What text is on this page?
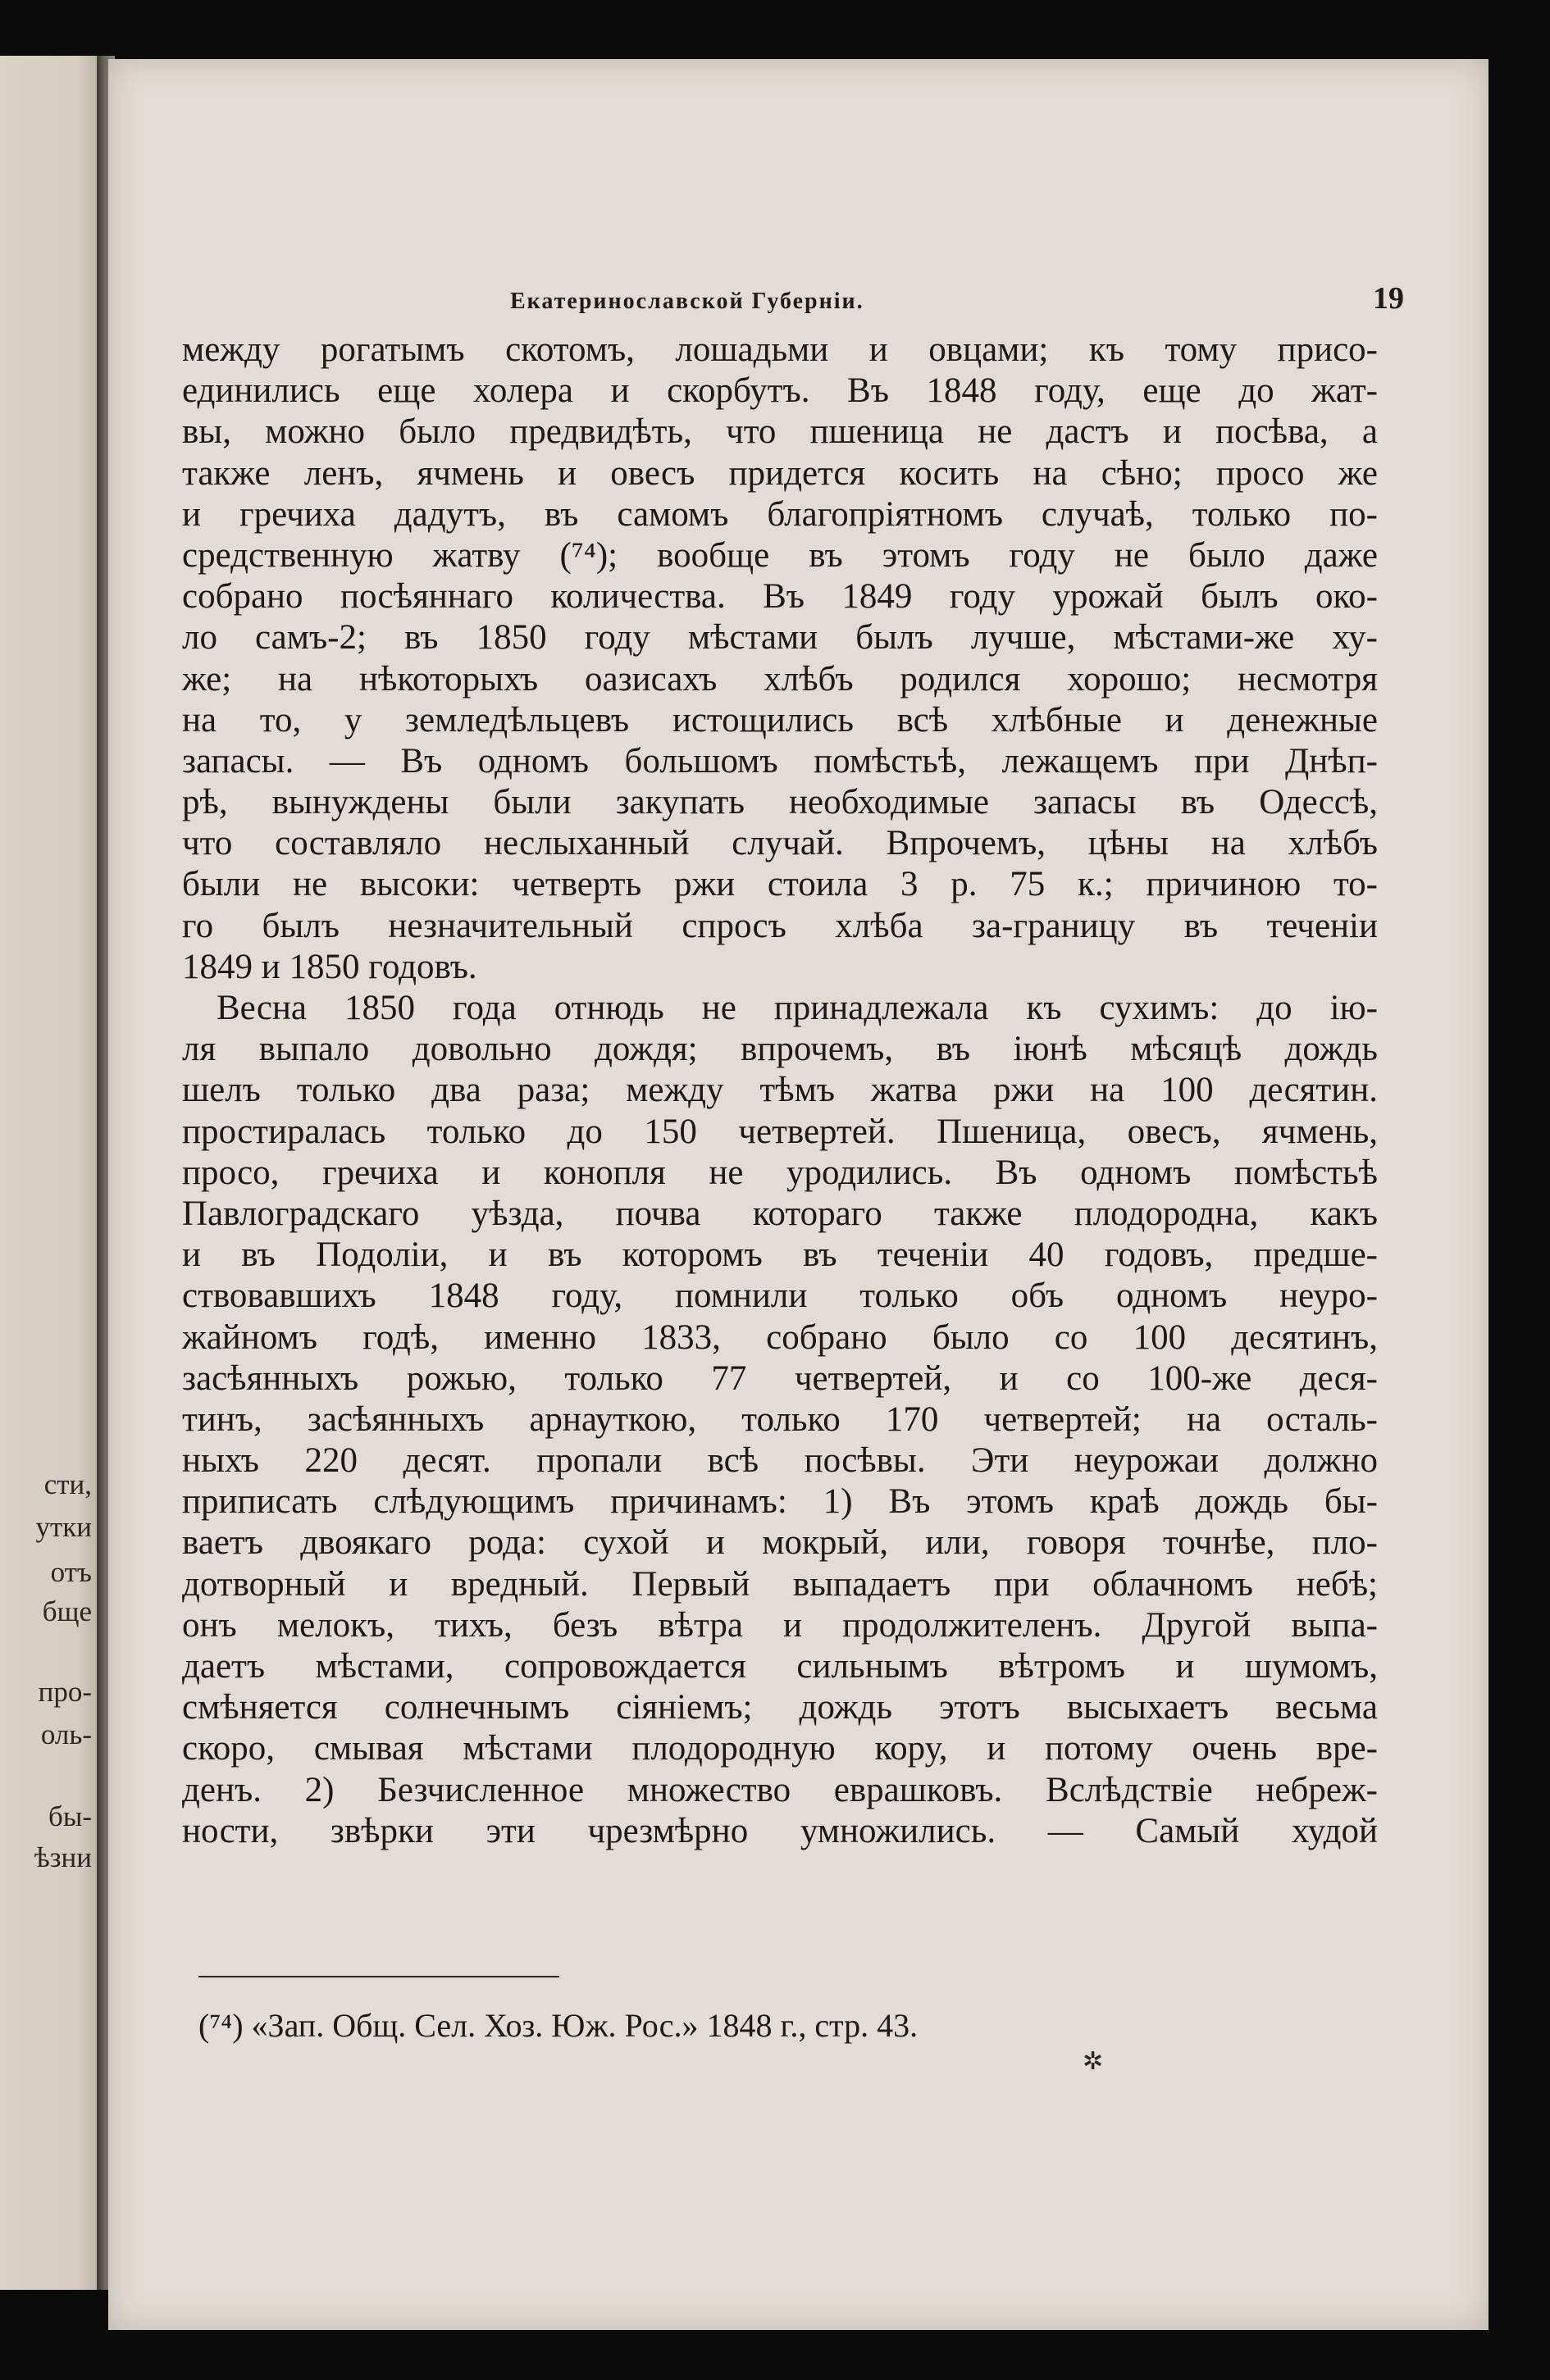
сти,
утки
отъ
бще
про-
оль-
бы-
ѣзни
Екатеринославской Губерніи.	19
между рогатымъ скотомъ, лошадьми и овцами; къ тому присо-
единились еще холера и скорбутъ. Въ 1848 году, еще до жат-
вы, можно было предвидѣть, что пшеница не дастъ и посѣва, а
также ленъ, ячмень и овесъ придется косить на сѣно; просо же
и гречиха дадутъ, въ самомъ благопріятномъ случаѣ, только по-
средственную жатву (⁷⁴); вообще въ этомъ году не было даже
собрано посѣяннаго количества. Въ 1849 году урожай былъ око-
ло самъ-2; въ 1850 году мѣстами былъ лучше, мѣстами-же ху-
же; на нѣкоторыхъ оазисахъ хлѣбъ родился хорошо; несмотря
на то, у земледѣльцевъ истощились всѣ хлѣбные и денежные
запасы. — Въ одномъ большомъ помѣстьѣ, лежащемъ при Днѣп-
рѣ, вынуждены были закупать необходимые запасы въ Одессѣ,
что составляло неслыханный случай. Впрочемъ, цѣны на хлѣбъ
были не высоки: четверть ржи стоила 3 р. 75 к.; причиною то-
го былъ незначительный спросъ хлѣба за-границу въ теченіи
1849 и 1850 годовъ.
Весна 1850 года отнюдь не принадлежала къ сухимъ: до ію-
ля выпало довольно дождя; впрочемъ, въ іюнѣ мѣсяцѣ дождь
шелъ только два раза; между тѣмъ жатва ржи на 100 десятин.
простиралась только до 150 четвертей. Пшеница, овесъ, ячмень,
просо, гречиха и конопля не уродились. Въ одномъ помѣстьѣ
Павлоградскаго уѣзда, почва котораго также плодородна, какъ
и въ Подоліи, и въ которомъ въ теченіи 40 годовъ, предше-
ствовавшихъ 1848 году, помнили только объ одномъ неуро-
жайномъ годѣ, именно 1833, собрано было со 100 десятинъ,
засѣянныхъ рожью, только 77 четвертей, и со 100-же деся-
тинъ, засѣянныхъ арнауткою, только 170 четвертей; на осталь-
ныхъ 220 десят. пропали всѣ посѣвы. Эти неурожаи должно
приписать слѣдующимъ причинамъ: 1) Въ этомъ краѣ дождь бы-
ваетъ двоякаго рода: сухой и мокрый, или, говоря точнѣе, пло-
дотворный и вредный. Первый выпадаетъ при облачномъ небѣ;
онъ мелокъ, тихъ, безъ вѣтра и продолжителенъ. Другой выпа-
даетъ мѣстами, сопровождается сильнымъ вѣтромъ и шумомъ,
смѣняется солнечнымъ сіяніемъ; дождь этотъ высыхаетъ весьма
скоро, смывая мѣстами плодородную кору, и потому очень вре-
денъ. 2) Безчисленное множество еврашковъ. Вслѣдствіе небреж-
ности, звѣрки эти чрезмѣрно умножились. — Самый худой
(⁷⁴) «Зап. Общ. Сел. Хоз. Юж. Рос.» 1848 г., стр. 43.
✲
